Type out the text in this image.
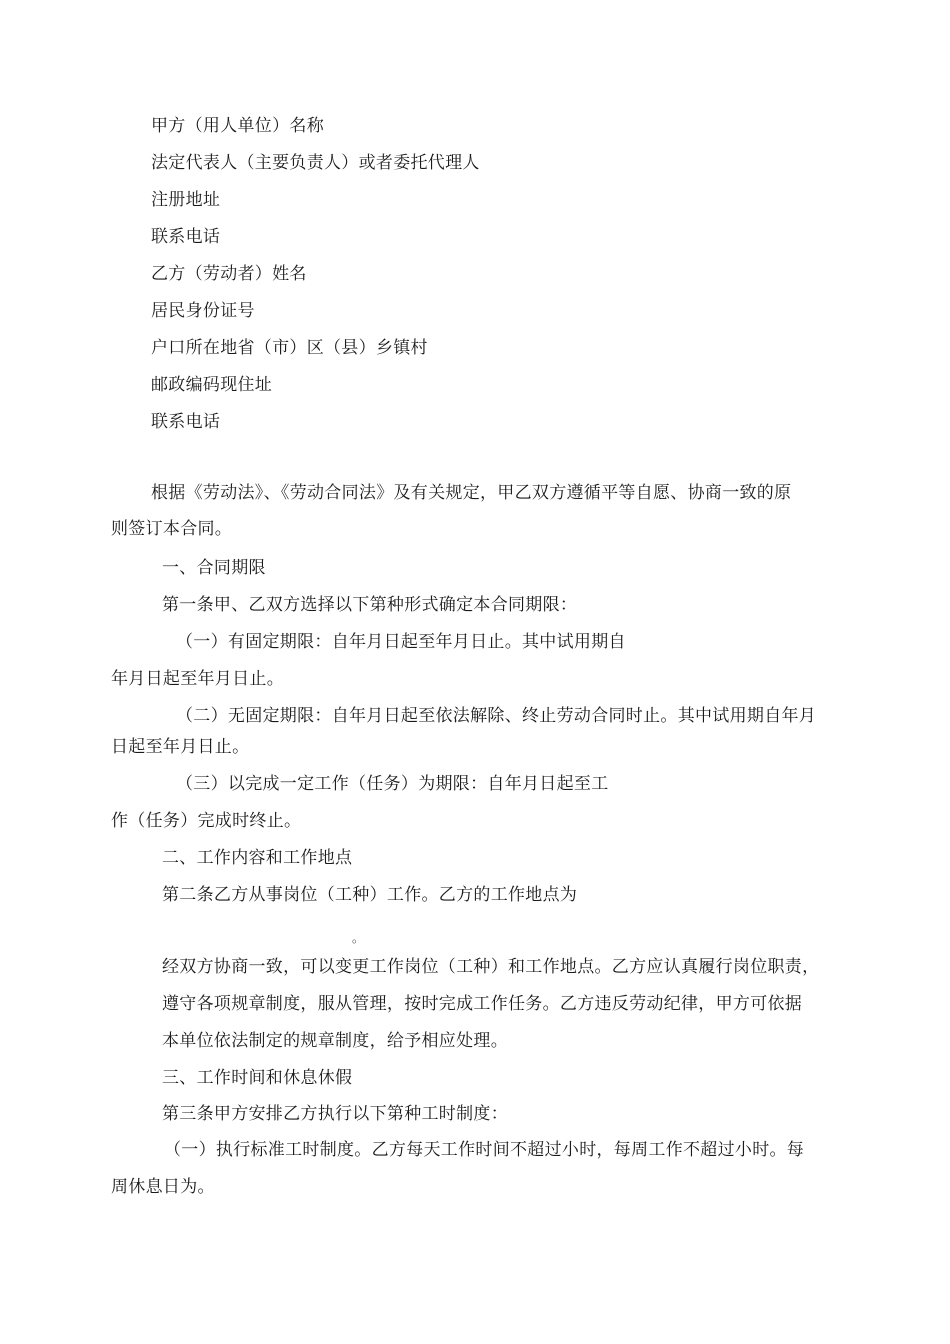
甲方（用人单位）名称
法定代表人（主要负责人）或者委托代理人
注册地址
联系电话
乙方（劳动者）姓名
居民身份证号
户口所在地省（市）区（县）乡镇村
邮政编码现住址
联系电话
根据《劳动法》、《劳动合同法》及有关规定，甲乙双方遵循平等自愿、协商一致的原
则签订本合同。
一、合同期限
第一条甲、乙双方选择以下第种形式确定本合同期限：
（一）有固定期限：自年月日起至年月日止。其中试用期自
年月日起至年月日止。
（二）无固定期限：自年月日起至依法解除、终止劳动合同时止。其中试用期自年月
日起至年月日止。
（三）以完成一定工作（任务）为期限：自年月日起至工
作（任务）完成时终止。
二、工作内容和工作地点
第二条乙方从事岗位（工种）工作。乙方的工作地点为
。
经双方协商一致，可以变更工作岗位（工种）和工作地点。乙方应认真履行岗位职责，
遵守各项规章制度，服从管理，按时完成工作任务。乙方违反劳动纪律，甲方可依据
本单位依法制定的规章制度，给予相应处理。
三、工作时间和休息休假
第三条甲方安排乙方执行以下第种工时制度：
（一）执行标准工时制度。乙方每天工作时间不超过小时，每周工作不超过小时。每
周休息日为。
